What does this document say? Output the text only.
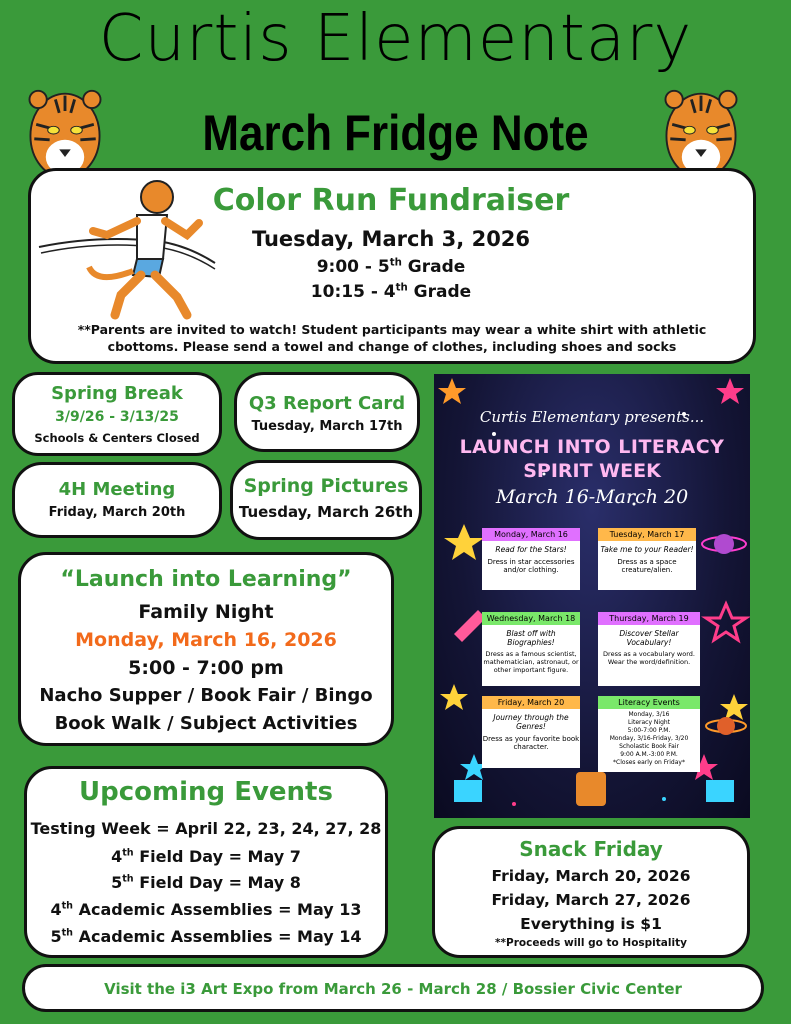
Curtis Elementary
March Fridge Note
Color Run Fundraiser
Tuesday, March 3, 2026
9:00 - 5th Grade
10:15 - 4th Grade
**Parents are invited to watch! Student participants may wear a white shirt with athletic cbottoms. Please send a towel and change of clothes, including shoes and socks
Spring Break
3/9/26 - 3/13/25
Schools & Centers Closed
Q3 Report Card
Tuesday, March 17th
4H Meeting
Friday, March 20th
Spring Pictures
Tuesday, March 26th
“Launch into Learning”
Family Night
Monday, March 16, 2026
5:00 - 7:00 pm
Nacho Supper / Book Fair / Bingo
Book Walk / Subject Activities
Upcoming Events
Testing Week = April 22, 23, 24, 27, 28
4th Field Day = May 7
5th Field Day = May 8
4th Academic Assemblies = May 13
5th Academic Assemblies = May 14
Curtis Elementary presents...
LAUNCH INTO LITERACY
SPIRIT WEEK
March 16-March 20
Monday, March 16
Read for the Stars!
Dress in star accessories and/or clothing.
Tuesday, March 17
Take me to your Reader!
Dress as a space creature/alien.
Wednesday, March 18
Blast off with Biographies!
Dress as a famous scientist, mathematician, astronaut, or other important figure.
Thursday, March 19
Discover Stellar Vocabulary!
Dress as a vocabulary word. Wear the word/definition.
Friday, March 20
Journey through the Genres!
Dress as your favorite book character.
Literacy Events
Monday, 3/16
Literacy Night
5:00-7:00 P.M.
Monday, 3/16-Friday, 3/20
Scholastic Book Fair
9:00 A.M.-3:00 P.M.
*Closes early on Friday*
Snack Friday
Friday, March 20, 2026
Friday, March 27, 2026
Everything is $1
**Proceeds will go to Hospitality
Visit the i3 Art Expo from March 26 - March 28 / Bossier Civic Center
